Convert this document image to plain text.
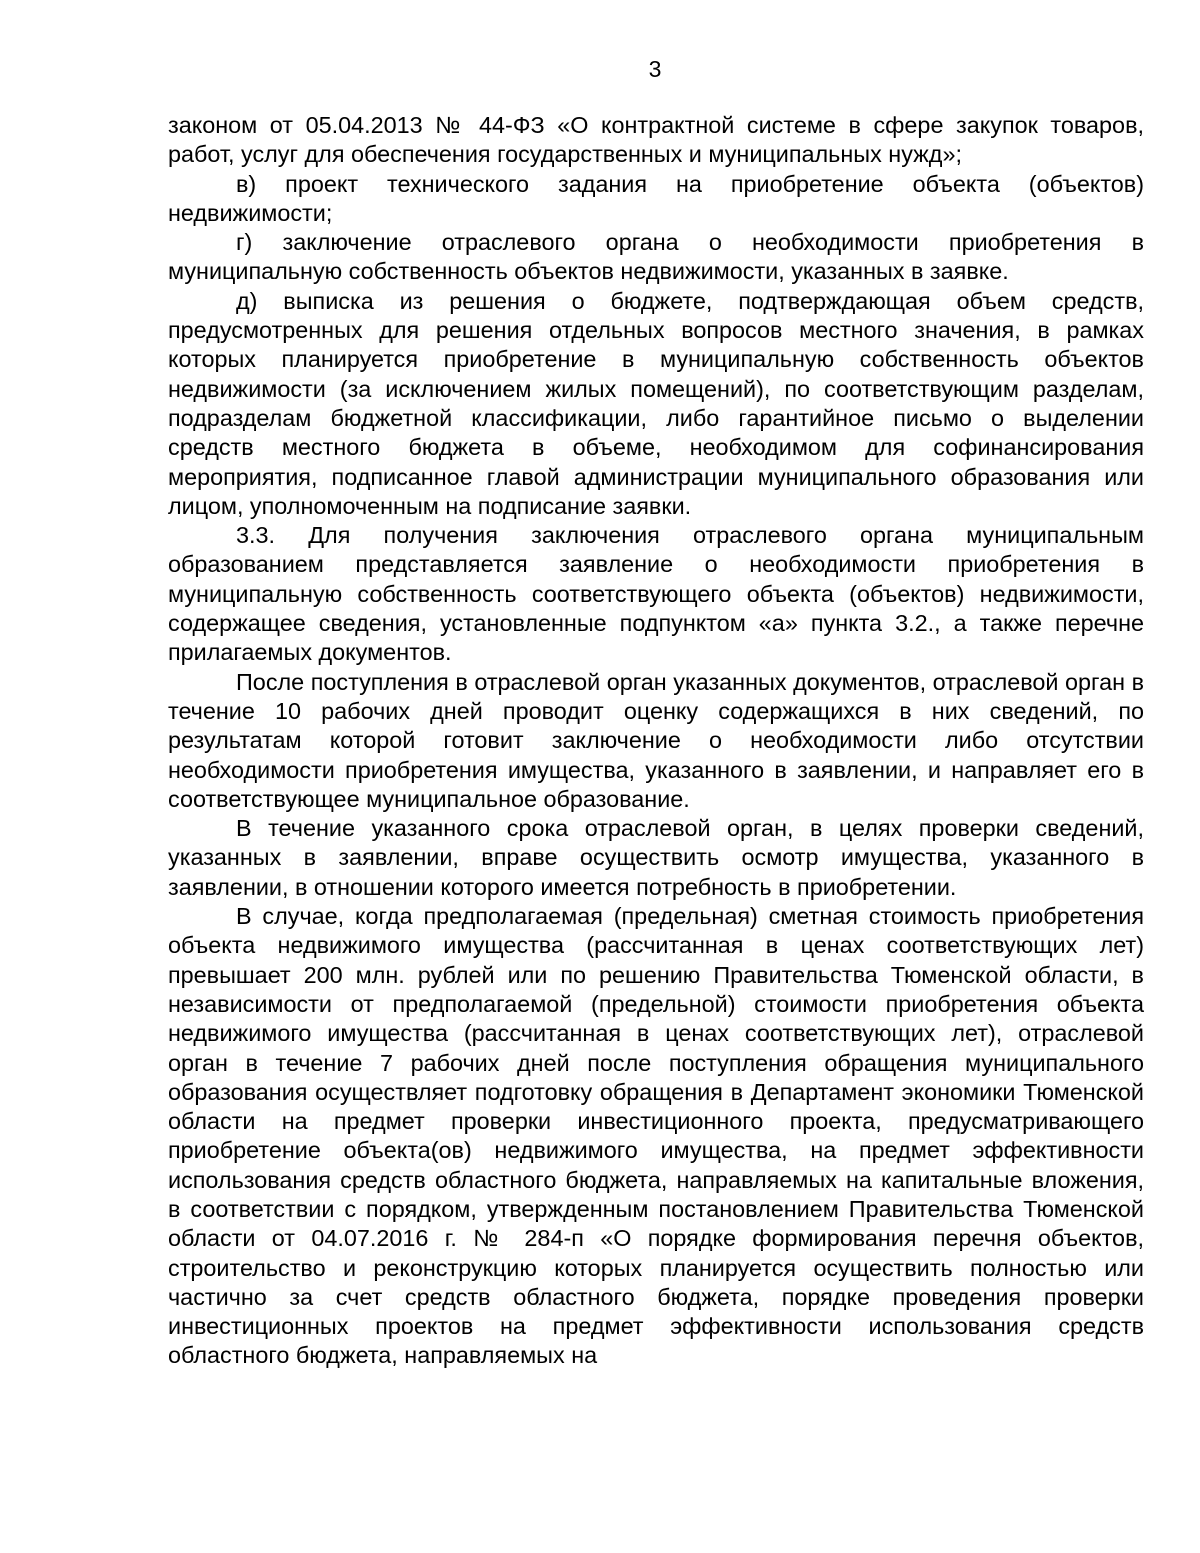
3

законом от 05.04.2013 № 44-ФЗ «О контрактной системе в сфере закупок товаров, работ, услуг для обеспечения государственных и муниципальных нужд»;

в) проект технического задания на приобретение объекта (объектов) недвижимости;

г) заключение отраслевого органа о необходимости приобретения в муниципальную собственность объектов недвижимости, указанных в заявке.

д) выписка из решения о бюджете, подтверждающая объем средств, предусмотренных для решения отдельных вопросов местного значения, в рамках которых планируется приобретение в муниципальную собственность объектов недвижимости (за исключением жилых помещений), по соответствующим разделам, подразделам бюджетной классификации, либо гарантийное письмо о выделении средств местного бюджета в объеме, необходимом для софинансирования мероприятия, подписанное главой администрации муниципального образования или лицом, уполномоченным на подписание заявки.

3.3. Для получения заключения отраслевого органа муниципальным образованием представляется заявление о необходимости приобретения в муниципальную собственность соответствующего объекта (объектов) недвижимости, содержащее сведения, установленные подпунктом «а» пункта 3.2., а также перечне прилагаемых документов.

После поступления в отраслевой орган указанных документов, отраслевой орган в течение 10 рабочих дней проводит оценку содержащихся в них сведений, по результатам которой готовит заключение о необходимости либо отсутствии необходимости приобретения имущества, указанного в заявлении, и направляет его в соответствующее муниципальное образование.

В течение указанного срока отраслевой орган, в целях проверки сведений, указанных в заявлении, вправе осуществить осмотр имущества, указанного в заявлении, в отношении которого имеется потребность в приобретении.

В случае, когда предполагаемая (предельная) сметная стоимость приобретения объекта недвижимого имущества (рассчитанная в ценах соответствующих лет) превышает 200 млн. рублей или по решению Правительства Тюменской области, в независимости от предполагаемой (предельной) стоимости приобретения объекта недвижимого имущества (рассчитанная в ценах соответствующих лет), отраслевой орган в течение 7 рабочих дней после поступления обращения муниципального образования осуществляет подготовку обращения в Департамент экономики Тюменской области на предмет проверки инвестиционного проекта, предусматривающего приобретение объекта(ов) недвижимого имущества, на предмет эффективности использования средств областного бюджета, направляемых на капитальные вложения, в соответствии с порядком, утвержденным постановлением Правительства Тюменской области от 04.07.2016 г. № 284-п «О порядке формирования перечня объектов, строительство и реконструкцию которых планируется осуществить полностью или частично за счет средств областного бюджета, порядке проведения проверки инвестиционных проектов на предмет эффективности использования средств областного бюджета, направляемых на
